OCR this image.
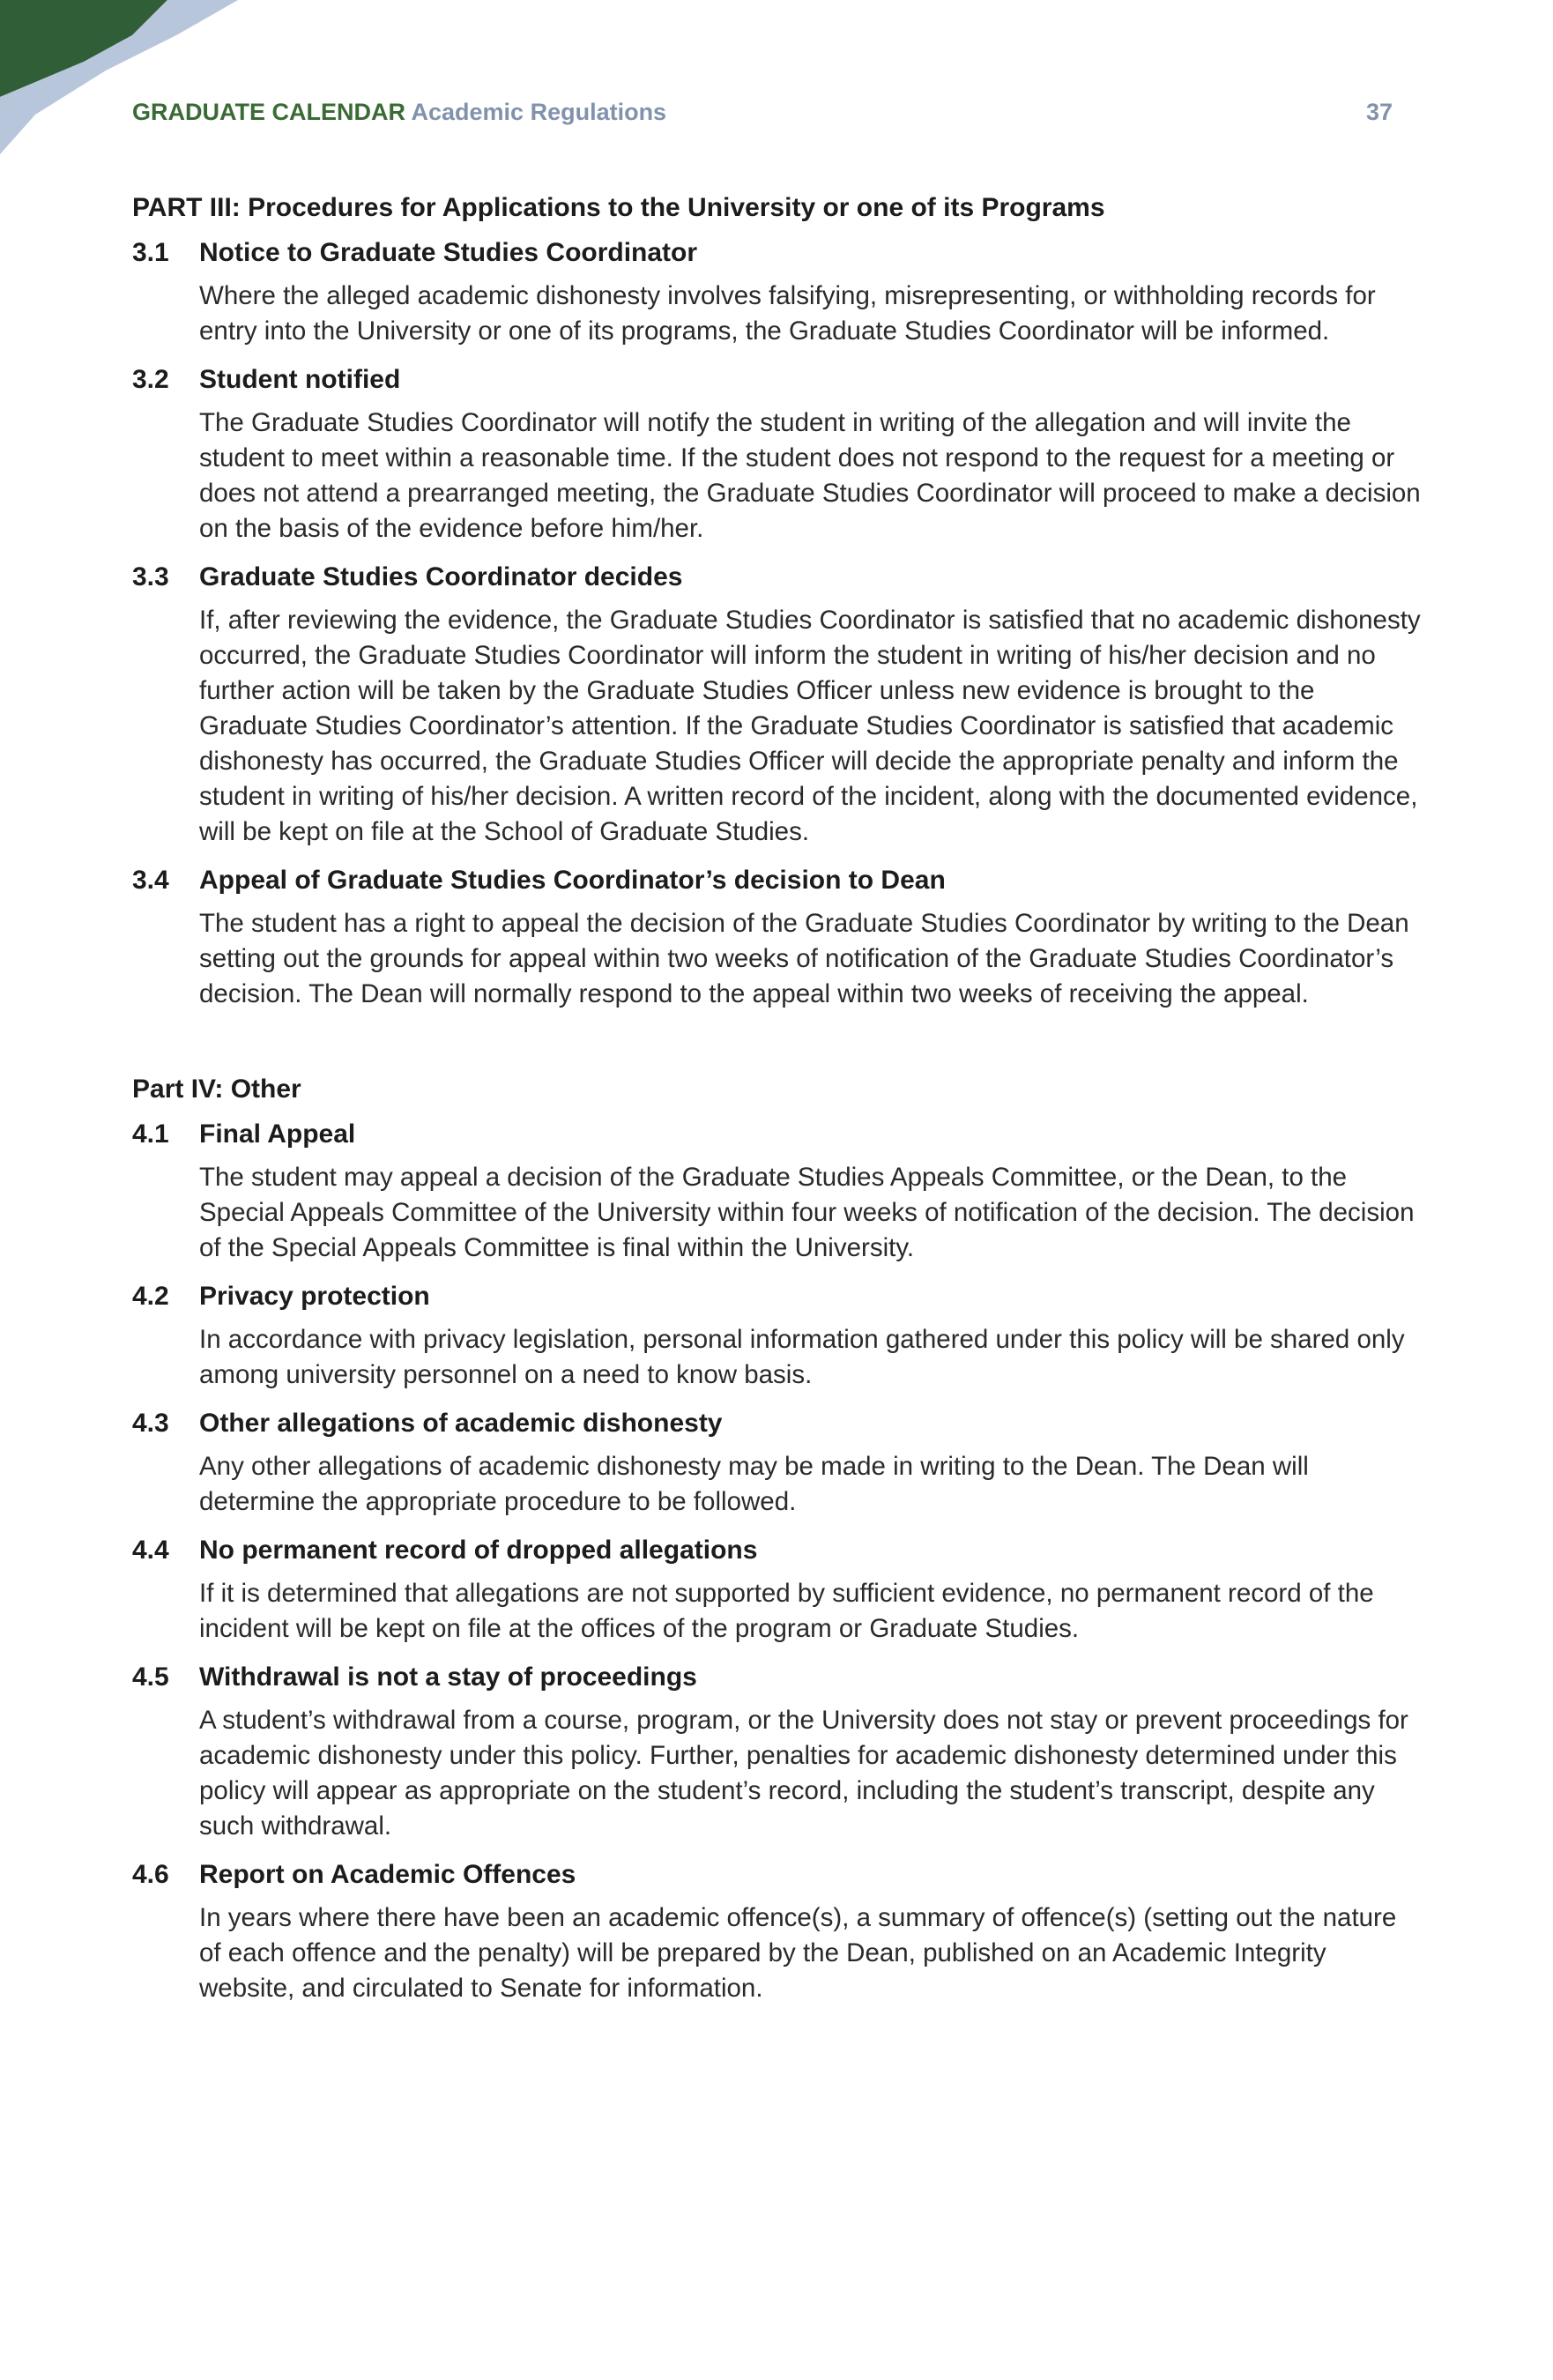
GRADUATE CALENDAR Academic Regulations	37
PART III: Procedures for Applications to the University or one of its Programs
3.1	Notice to Graduate Studies Coordinator
Where the alleged academic dishonesty involves falsifying, misrepresenting, or withholding records for entry into the University or one of its programs, the Graduate Studies Coordinator will be informed.
3.2	Student notified
The Graduate Studies Coordinator will notify the student in writing of the allegation and will invite the student to meet within a reasonable time. If the student does not respond to the request for a meeting or does not attend a prearranged meeting, the Graduate Studies Coordinator will proceed to make a decision on the basis of the evidence before him/her.
3.3	Graduate Studies Coordinator decides
If, after reviewing the evidence, the Graduate Studies Coordinator is satisfied that no academic dishonesty occurred, the Graduate Studies Coordinator will inform the student in writing of his/her decision and no further action will be taken by the Graduate Studies Officer unless new evidence is brought to the Graduate Studies Coordinator’s attention. If the Graduate Studies Coordinator is satisfied that academic dishonesty has occurred, the Graduate Studies Officer will decide the appropriate penalty and inform the student in writing of his/her decision. A written record of the incident, along with the documented evidence, will be kept on file at the School of Graduate Studies.
3.4	Appeal of Graduate Studies Coordinator’s decision to Dean
The student has a right to appeal the decision of the Graduate Studies Coordinator by writing to the Dean setting out the grounds for appeal within two weeks of notification of the Graduate Studies Coordinator’s decision. The Dean will normally respond to the appeal within two weeks of receiving the appeal.
Part IV: Other
4.1	Final Appeal
The student may appeal a decision of the Graduate Studies Appeals Committee, or the Dean, to the Special Appeals Committee of the University within four weeks of notification of the decision. The decision of the Special Appeals Committee is final within the University.
4.2	Privacy protection
In accordance with privacy legislation, personal information gathered under this policy will be shared only among university personnel on a need to know basis.
4.3	Other allegations of academic dishonesty
Any other allegations of academic dishonesty may be made in writing to the Dean. The Dean will determine the appropriate procedure to be followed.
4.4	No permanent record of dropped allegations
If it is determined that allegations are not supported by sufficient evidence, no permanent record of the incident will be kept on file at the offices of the program or Graduate Studies.
4.5	Withdrawal is not a stay of proceedings
A student’s withdrawal from a course, program, or the University does not stay or prevent proceedings for academic dishonesty under this policy. Further, penalties for academic dishonesty determined under this policy will appear as appropriate on the student’s record, including the student’s transcript, despite any such withdrawal.
4.6	Report on Academic Offences
In years where there have been an academic offence(s), a summary of offence(s) (setting out the nature of each offence and the penalty) will be prepared by the Dean, published on an Academic Integrity website, and circulated to Senate for information.
